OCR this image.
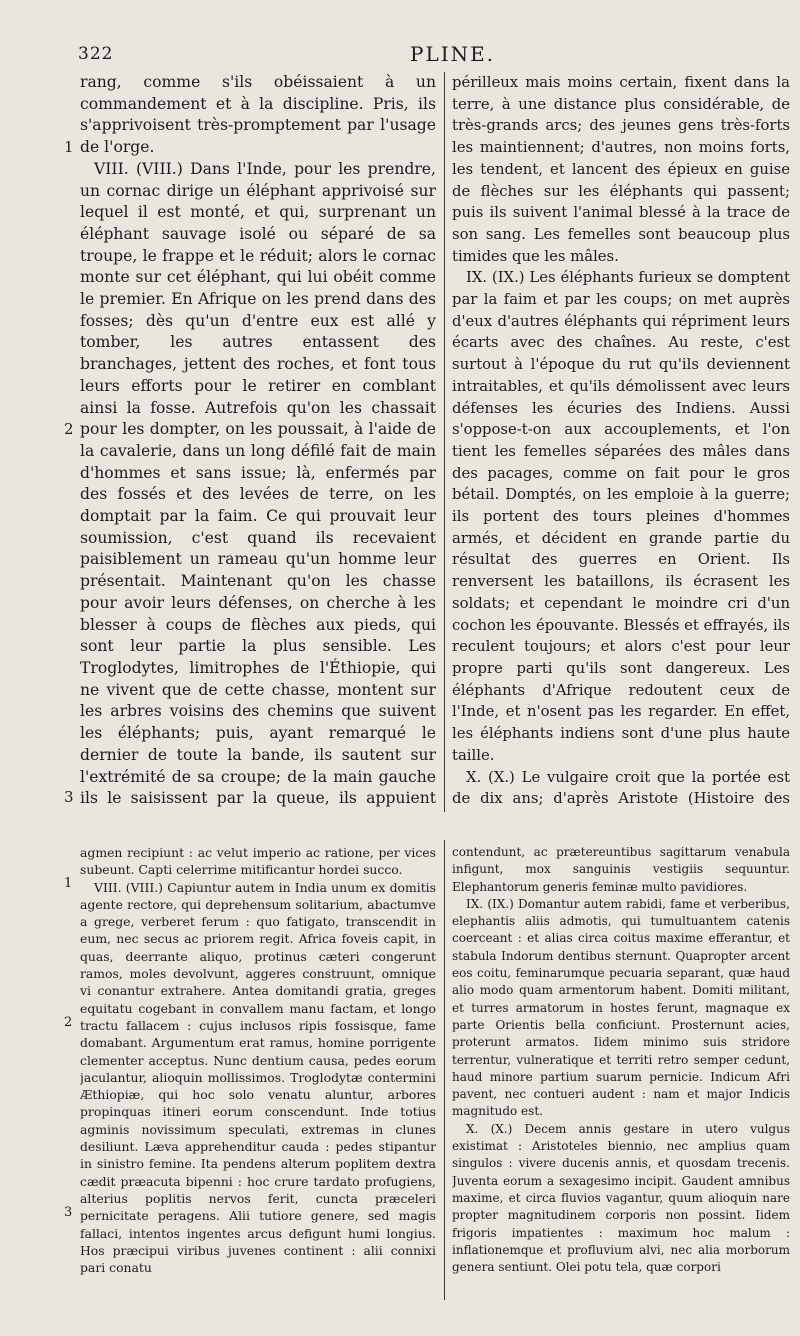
322	PLINE.
1
2
3
1
2
3

rang, comme s'ils obéissaient à un commandement et à la discipline. Pris, ils s'apprivoisent très-promptement par l'usage de l'orge.

VIII. (VIII.) Dans l'Inde, pour les prendre, un cornac dirige un éléphant apprivoisé sur lequel il est monté, et qui, surprenant un éléphant sauvage isolé ou séparé de sa troupe, le frappe et le réduit; alors le cornac monte sur cet éléphant, qui lui obéit comme le premier. En Afrique on les prend dans des fosses; dès qu'un d'entre eux est allé y tomber, les autres entassent des branchages, jettent des roches, et font tous leurs efforts pour le retirer en comblant ainsi la fosse. Autrefois qu'on les chassait pour les dompter, on les poussait, à l'aide de la cavalerie, dans un long défilé fait de main d'hommes et sans issue; là, enfermés par des fossés et des levées de terre, on les domptait par la faim. Ce qui prouvait leur soumission, c'est quand ils recevaient paisiblement un rameau qu'un homme leur présentait. Maintenant qu'on les chasse pour avoir leurs défenses, on cherche à les blesser à coups de flèches aux pieds, qui sont leur partie la plus sensible. Les Troglodytes, limitrophes de l'Éthiopie, qui ne vivent que de cette chasse, montent sur les arbres voisins des chemins que suivent les éléphants; puis, ayant remarqué le dernier de toute la bande, ils sautent sur l'extrémité de sa croupe; de la main gauche ils le saisissent par la queue, ils appuient

périlleux mais moins certain, fixent dans la terre, à une distance plus considérable, de très-grands arcs; des jeunes gens très-forts les maintiennent; d'autres, non moins forts, les tendent, et lancent des épieux en guise de flèches sur les éléphants qui passent; puis ils suivent l'animal blessé à la trace de son sang. Les femelles sont beaucoup plus timides que les mâles.

IX. (IX.) Les éléphants furieux se domptent par la faim et par les coups; on met auprès d'eux d'autres éléphants qui répriment leurs écarts avec des chaînes. Au reste, c'est surtout à l'époque du rut qu'ils deviennent intraitables, et qu'ils démolissent avec leurs défenses les écuries des Indiens. Aussi s'oppose-t-on aux accouplements, et l'on tient les femelles séparées des mâles dans des pacages, comme on fait pour le gros bétail. Domptés, on les emploie à la guerre; ils portent des tours pleines d'hommes armés, et décident en grande partie du résultat des guerres en Orient. Ils renversent les bataillons, ils écrasent les soldats; et cependant le moindre cri d'un cochon les épouvante. Blessés et effrayés, ils reculent toujours; et alors c'est pour leur propre parti qu'ils sont dangereux. Les éléphants d'Afrique redoutent ceux de l'Inde, et n'osent pas les regarder. En effet, les éléphants indiens sont d'une plus haute taille.

X. (X.) Le vulgaire croit que la portée est de dix ans; d'après Aristote (Histoire des

agmen recipiunt : ac velut imperio ac ratione, per vices subeunt. Capti celerrime mitificantur hordei succo.

VIII. (VIII.) Capiuntur autem in India unum ex domitis agente rectore, qui deprehensum solitarium, abactumve a grege, verberet ferum : quo fatigato, transcendit in eum, nec secus ac priorem regit. Africa foveis capit, in quas, deerrante aliquo, protinus cæteri congerunt ramos, moles devolvunt, aggeres construunt, omnique vi conantur extrahere. Antea domitandi gratia, greges equitatu cogebant in convallem manu factam, et longo tractu fallacem : cujus inclusos ripis fossisque, fame domabant. Argumentum erat ramus, homine porrigente clementer acceptus. Nunc dentium causa, pedes eorum jaculantur, alioquin mollissimos. Troglodytæ contermini Æthiopiæ, qui hoc solo venatu aluntur, arbores propinquas itineri eorum conscendunt. Inde totius agminis novissimum speculati, extremas in clunes desiliunt. Læva apprehenditur cauda : pedes stipantur in sinistro femine. Ita pendens alterum poplitem dextra cædit præacuta bipenni : hoc crure tardato profugiens, alterius poplitis nervos ferit, cuncta præceleri pernicitate peragens. Alii tutiore genere, sed magis fallaci, intentos ingentes arcus defigunt humi longius. Hos præcipui viribus juvenes continent : alii connixi pari conatu

contendunt, ac prætereuntibus sagittarum venabula infigunt, mox sanguinis vestigiis sequuntur. Elephantorum generis feminæ multo pavidiores.

IX. (IX.) Domantur autem rabidi, fame et verberibus, elephantis aliis admotis, qui tumultuantem catenis coerceant : et alias circa coitus maxime efferantur, et stabula Indorum dentibus sternunt. Quapropter arcent eos coitu, feminarumque pecuaria separant, quæ haud alio modo quam armentorum habent. Domiti militant, et turres armatorum in hostes ferunt, magnaque ex parte Orientis bella conficiunt. Prosternunt acies, proterunt armatos. Iidem minimo suis stridore terrentur, vulneratique et territi retro semper cedunt, haud minore partium suarum pernicie. Indicum Afri pavent, nec contueri audent : nam et major Indicis magnitudo est.

X. (X.) Decem annis gestare in utero vulgus existimat : Aristoteles biennio, nec amplius quam singulos : vivere ducenis annis, et quosdam trecenis. Juventa eorum a sexagesimo incipit. Gaudent amnibus maxime, et circa fluvios vagantur, quum alioquin nare propter magnitudinem corporis non possint. Iidem frigoris impatientes : maximum hoc malum : inflationemque et profluvium alvi, nec alia morborum genera sentiunt. Olei potu tela, quæ corpori
